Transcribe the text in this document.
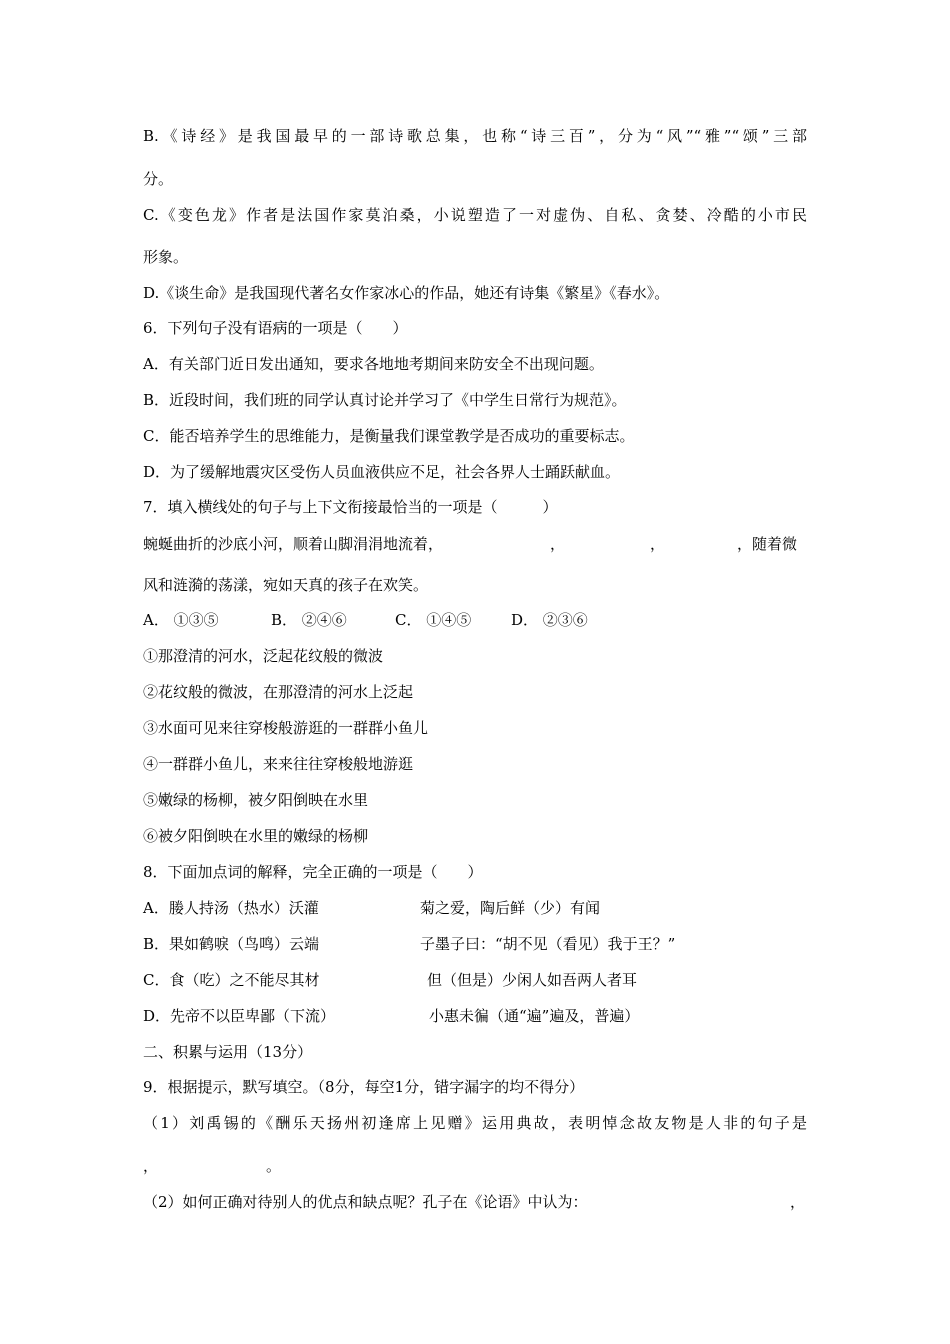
B.《诗经》是我国最早的一部诗歌总集，也称“诗三百”，分为“风”“雅”“颂”三部
分。
C.《变色龙》作者是法国作家莫泊桑，小说塑造了一对虚伪、自私、贪婪、冷酷的小市民
形象。
D.《谈生命》是我国现代著名女作家冰心的作品，她还有诗集《繁星》《春水》。
6．下列句子没有语病的一项是（　　）
A．有关部门近日发出通知，要求各地地考期间来防安全不出现问题。
B．近段时间，我们班的同学认真讨论并学习了《中学生日常行为规范》。
C．能否培养学生的思维能力，是衡量我们课堂教学是否成功的重要标志。
D．为了缓解地震灾区受伤人员血液供应不足，社会各界人士踊跃献血。
7．填入横线处的句子与上下文衔接最恰当的一项是（　　　）
蜿蜒曲折的沙底小河，顺着山脚涓涓地流着，	，	，	，随着微
风和涟漪的荡漾，宛如天真的孩子在欢笑。
A． ①③⑤	B． ②④⑥	C． ①④⑤	D． ②③⑥
①那澄清的河水，泛起花纹般的微波
②花纹般的微波，在那澄清的河水上泛起
③水面可见来往穿梭般游逛的一群群小鱼儿
④一群群小鱼儿，来来往往穿梭般地游逛
⑤嫩绿的杨柳，被夕阳倒映在水里
⑥被夕阳倒映在水里的嫩绿的杨柳
8．下面加点词的解释，完全正确的一项是（　　）
A．媵人持汤（热水）沃灌	菊之爱，陶后鲜（少）有闻
B．果如鹤唳（鸟鸣）云端	子墨子曰：“胡不见（看见）我于王？”
C．食（吃）之不能尽其材	但（但是）少闲人如吾两人者耳
D．先帝不以臣卑鄙（下流）	小惠未徧（通“遍”遍及，普遍）
二、积累与运用（13分）
9．根据提示，默写填空。（8分，每空1分，错字漏字的均不得分）
（1）刘禹锡的《酬乐天扬州初逢席上见赠》运用典故，表明悼念故友物是人非的句子是
，	。
（2）如何正确对待别人的优点和缺点呢？孔子在《论语》中认为：	，
